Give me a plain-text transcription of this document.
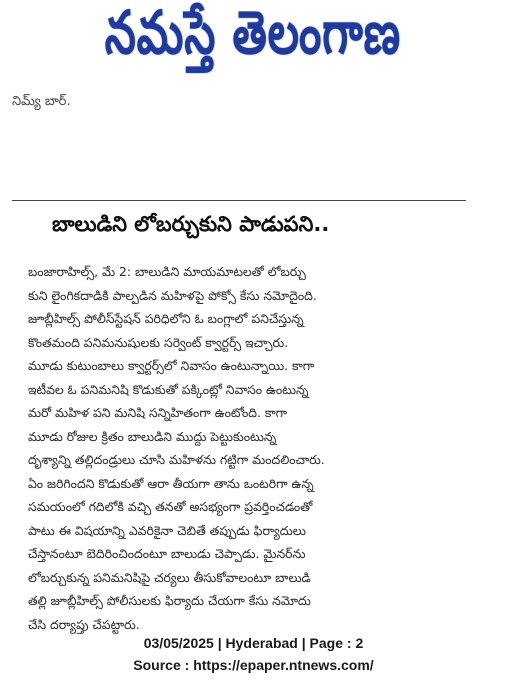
నమస్తే తెలంగాణ
నిమ్య్ బార్.
బాలుడిని లోబర్చుకుని పాడుపని..
బంజారాహిల్స్, మే 2: బాలుడిని మాయమాటలతో లోబర్చు
కుని లైంగికదాడికి పాల్పడిన మహిళపై పోక్సో కేసు నమోదైంది.
జూబ్లీహిల్స్ పోలీస్‌స్టేషన్ పరిధిలోని ఓ బంగ్లాలో పనిచేస్తున్న
కొంతమంది పనిమనుషులకు సర్వెంట్ క్వార్టర్స్ ఇచ్చారు.
మూడు కుటుంబాలు క్వార్టర్స్‌లో నివాసం ఉంటున్నాయి. కాగా
ఇటీవల ఓ పనిమనిషి కొడుకుతో పక్కింట్లో నివాసం ఉంటున్న
మరో మహిళ పని మనిషి సన్నిహితంగా ఉంటోంది. కాగా
మూడు రోజుల క్రితం బాలుడిని ముద్దు పెట్టుకుంటున్న
దృశ్యాన్ని తల్లిదండ్రులు చూసి మహిళను గట్టిగా మందలించారు.
ఏం జరిగిందని కొడుకుతో ఆరా తీయగా తాను ఒంటరిగా ఉన్న
సమయంలో గదిలోకి వచ్చి తనతో అసభ్యంగా ప్రవర్తించడంతో
పాటు ఈ విషయాన్ని ఎవరికైనా చెబితే తప్పుడు ఫిర్యాదులు
చేస్తానంటూ బెదిరించిందంటూ బాలుడు చెప్పాడు. మైనర్‌ను
లోబర్చుకున్న పనిమనిషిపై చర్యలు తీసుకోవాలంటూ బాలుడి
తల్లి జూబ్లీహిల్స్ పోలీసులకు ఫిర్యాదు చేయగా కేసు నమోదు
చేసి దర్యాప్తు చేపట్టారు.
03/05/2025 | Hyderabad | Page : 2
Source : https://epaper.ntnews.com/
